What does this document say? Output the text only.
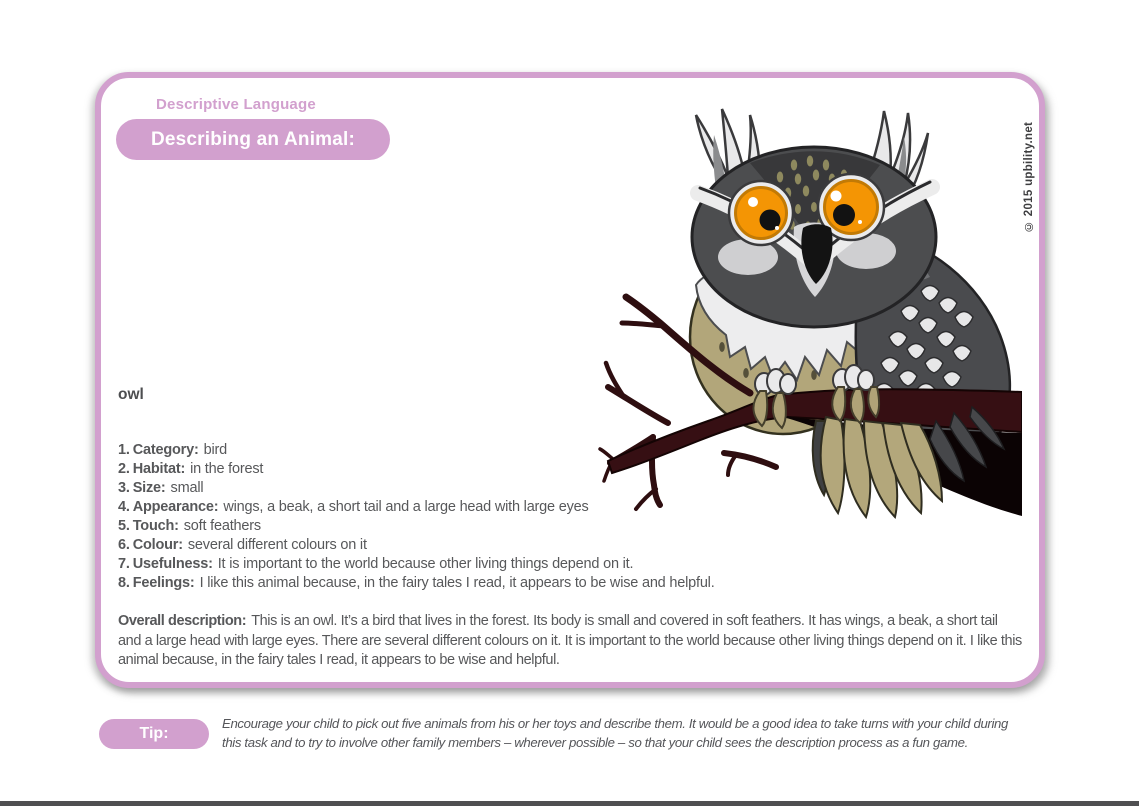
Descriptive Language
Describing an Animal:	© 2015 upbility.net
owl
1. Category: bird
2. Habitat: in the forest
3. Size: small
4. Appearance: wings, a beak, a short tail and a large head with large eyes
5. Touch: soft feathers
6. Colour: several different colours on it
7. Usefulness: It is important to the world because other living things depend on it.
8. Feelings: I like this animal because, in the fairy tales I read, it appears to be wise and helpful.
Overall description: This is an owl. It’s a bird that lives in the forest. Its body is small and covered in soft feathers. It has wings, a beak, a short tail and a large head with large eyes. There are several different colours on it. It is important to the world because other living things depend on it. I like this animal because, in the fairy tales I read, it appears to be wise and helpful.
Tip:
Encourage your child to pick out five animals from his or her toys and describe them. It would be a good idea to take turns with your child during this task and to try to involve other family members – wherever possible – so that your child sees the description process as a fun game.
